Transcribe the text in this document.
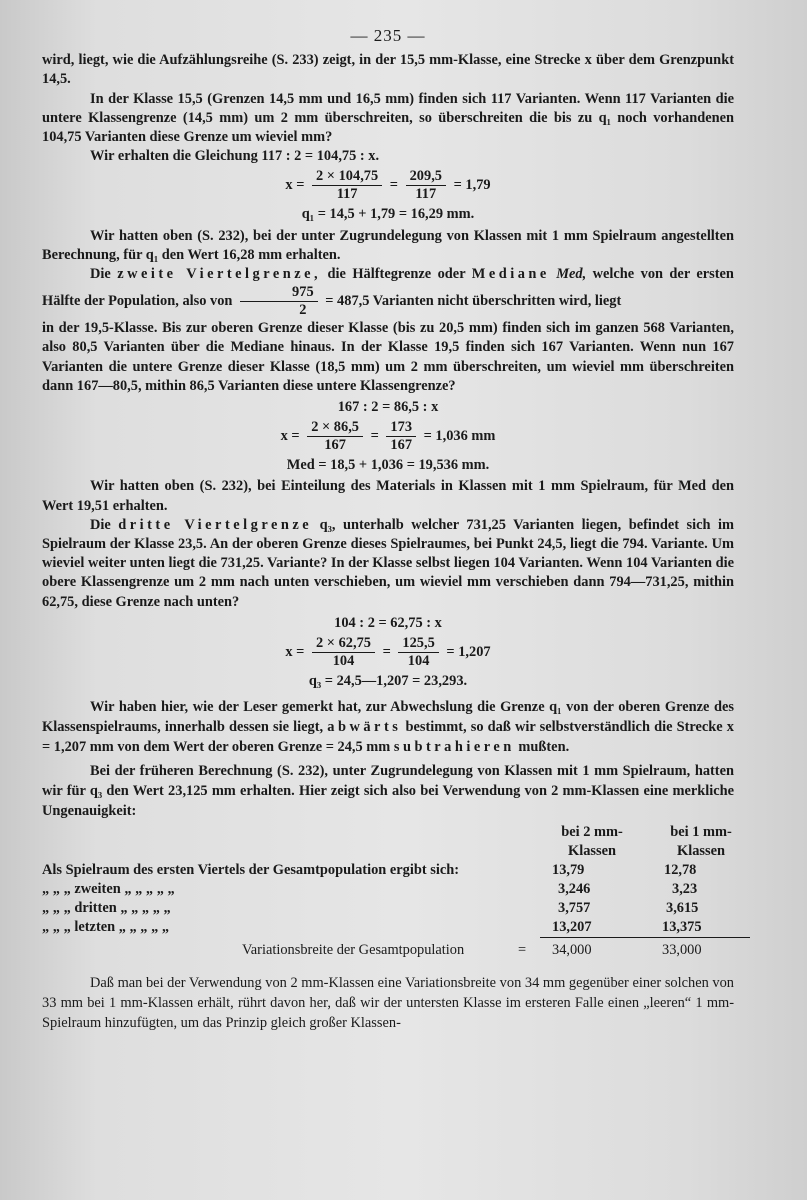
— 235 —

wird, liegt, wie die Aufzählungsreihe (S. 233) zeigt, in der 15,5 mm-Klasse, eine Strecke x über dem Grenzpunkt 14,5.

In der Klasse 15,5 (Grenzen 14,5 mm und 16,5 mm) finden sich 117 Varianten. Wenn 117 Varianten die untere Klassengrenze (14,5 mm) um 2 mm überschreiten, so überschreiten die bis zu q₁ noch vorhandenen 104,75 Varianten diese Grenze um wieviel mm?

Wir erhalten die Gleichung 117 : 2 = 104,75 : x.

$x = \frac{2 \times 104,75}{117} = \frac{209,5}{117} = 1,79$
q₁ = 14,5 + 1,79 = 16,29 mm.

Wir hatten oben (S. 232), bei der unter Zugrundelegung von Klassen mit 1 mm Spielraum angestellten Berechnung, für q₁ den Wert 16,28 mm erhalten.

Die zweite Viertelgrenze, die Hälftegrenze oder Mediane Med, welche von der ersten Hälfte der Population, also von $\frac{975}{2} = 487,5$ Varianten nicht überschritten wird, liegt

in der 19,5-Klasse. Bis zur oberen Grenze dieser Klasse (bis zu 20,5 mm) finden sich im ganzen 568 Varianten, also 80,5 Varianten über die Mediane hinaus. In der Klasse 19,5 finden sich 167 Varianten. Wenn nun 167 Varianten die untere Grenze dieser Klasse (18,5 mm) um 2 mm überschreiten, um wieviel mm überschreiten dann 167—80,5, mithin 86,5 Varianten diese untere Klassengrenze?

167 : 2 = 86,5 : x
$x = \frac{2 \times 86,5}{167} = \frac{173}{167} = 1,036$ mm
Med = 18,5 + 1,036 = 19,536 mm.

Wir hatten oben (S. 232), bei Einteilung des Materials in Klassen mit 1 mm Spielraum, für Med den Wert 19,51 erhalten.

Die dritte Viertelgrenze q₃, unterhalb welcher 731,25 Varianten liegen, befindet sich im Spielraum der Klasse 23,5. An der oberen Grenze dieses Spielraumes, bei Punkt 24,5, liegt die 794. Variante. Um wieviel weiter unten liegt die 731,25. Variante? In der Klasse selbst liegen 104 Varianten. Wenn 104 Varianten die obere Klassengrenze um 2 mm nach unten verschieben, um wieviel mm verschieben dann 794—731,25, mithin 62,75, diese Grenze nach unten?

104 : 2 = 62,75 : x
$x = \frac{2 \times 62,75}{104} = \frac{125,5}{104} = 1,207$
q₃ = 24,5—1,207 = 23,293.

Wir haben hier, wie der Leser gemerkt hat, zur Abwechslung die Grenze q₁ von der oberen Grenze des Klassenspielraums, innerhalb dessen sie liegt, abwärts bestimmt, so daß wir selbstverständlich die Strecke x = 1,207 mm von dem Wert der oberen Grenze = 24,5 mm subtrahieren mußten.

Bei der früheren Berechnung (S. 232), unter Zugrundelegung von Klassen mit 1 mm Spielraum, hatten wir für q₃ den Wert 23,125 mm erhalten. Hier zeigt sich also bei Verwendung von 2 mm-Klassen eine merkliche Ungenauigkeit:

bei 2 mm-
Klassen
bei 1 mm-
Klassen
Als Spielraum des ersten Viertels der Gesamtpopulation ergibt sich:	13,79	12,78
„ „ „ zweiten „ „ „ „ „	3,246	3,23
„ „ „ dritten „ „ „ „ „	3,757	3,615
„ „ „ letzten „ „ „ „ „	13,207	13,375
Variationsbreite der Gesamtpopulation	= 34,000	33,000

Daß man bei der Verwendung von 2 mm-Klassen eine Variationsbreite von 34 mm gegenüber einer solchen von 33 mm bei 1 mm-Klassen erhält, rührt davon her, daß wir der untersten Klasse im ersteren Falle einen „leeren“ 1 mm-Spielraum hinzufügten, um das Prinzip gleich großer Klassen-
